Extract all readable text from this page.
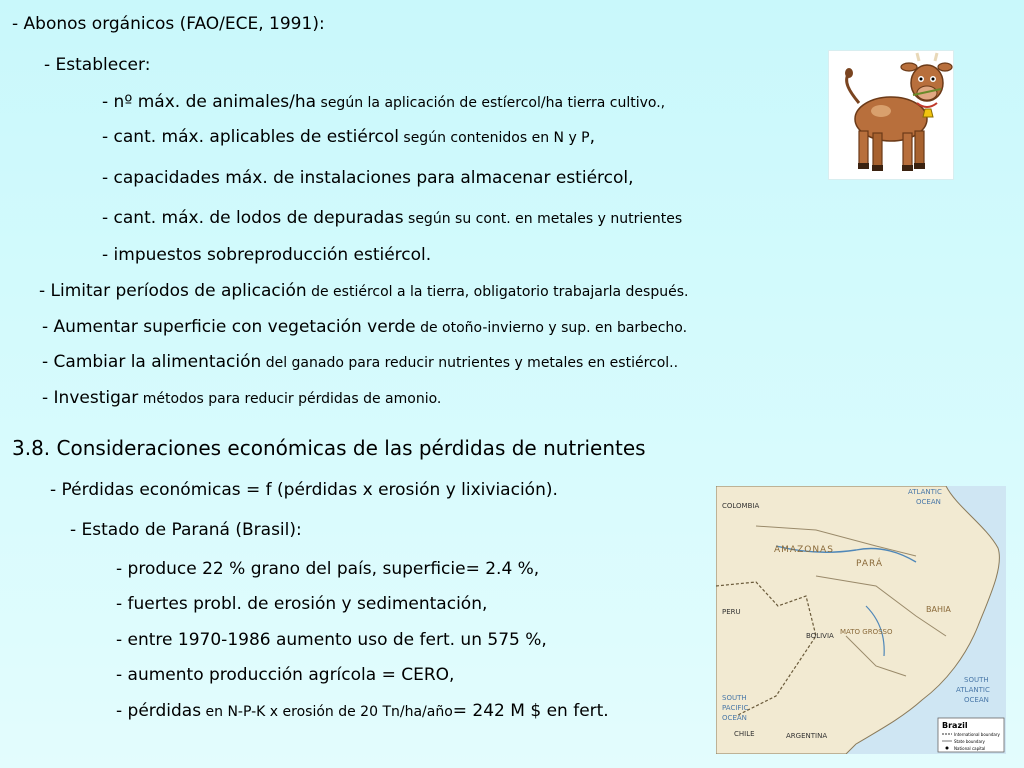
- Abonos orgánicos (FAO/ECE, 1991):
- Establecer:
- nº máx. de animales/ha según la aplicación de estíercol/ha tierra cultivo.,
- cant. máx. aplicables de estiércol según contenidos en N y P,
- capacidades máx. de instalaciones para almacenar estiércol,
- cant. máx. de lodos de depuradas según su cont. en metales y nutrientes
- impuestos sobreproducción estiércol.
- Limitar períodos de aplicación de estiércol a la tierra, obligatorio trabajarla después.
- Aumentar superficie con vegetación verde de otoño-invierno y sup. en barbecho.
- Cambiar la alimentación del ganado para reducir nutrientes y metales en estiércol..
- Investigar métodos para reducir pérdidas de amonio.
3.8. Consideraciones económicas de las pérdidas de nutrientes
- Pérdidas económicas = f (pérdidas x erosión y lixiviación).
- Estado de Paraná (Brasil):
- produce 22 % grano del país, superficie= 2.4 %,
- fuertes probl. de erosión y sedimentación,
- entre 1970-1986 aumento uso de fert. un 575 %,
- aumento producción agrícola = CERO,
- pérdidas en N-P-K x erosión de 20 Tn/ha/año= 242 M $ en fert.
COLOMBIA
ATLANTIC
OCEAN
AMAZONAS
PARÁ
PERU
BOLIVIA MATO GROSSO
BAHIA
SOUTH
PACIFIC
OCEAN
CHILE	ARGENTINA
SOUTH
ATLANTIC
OCEAN
Brazil
International boundary
State boundary
National capital
